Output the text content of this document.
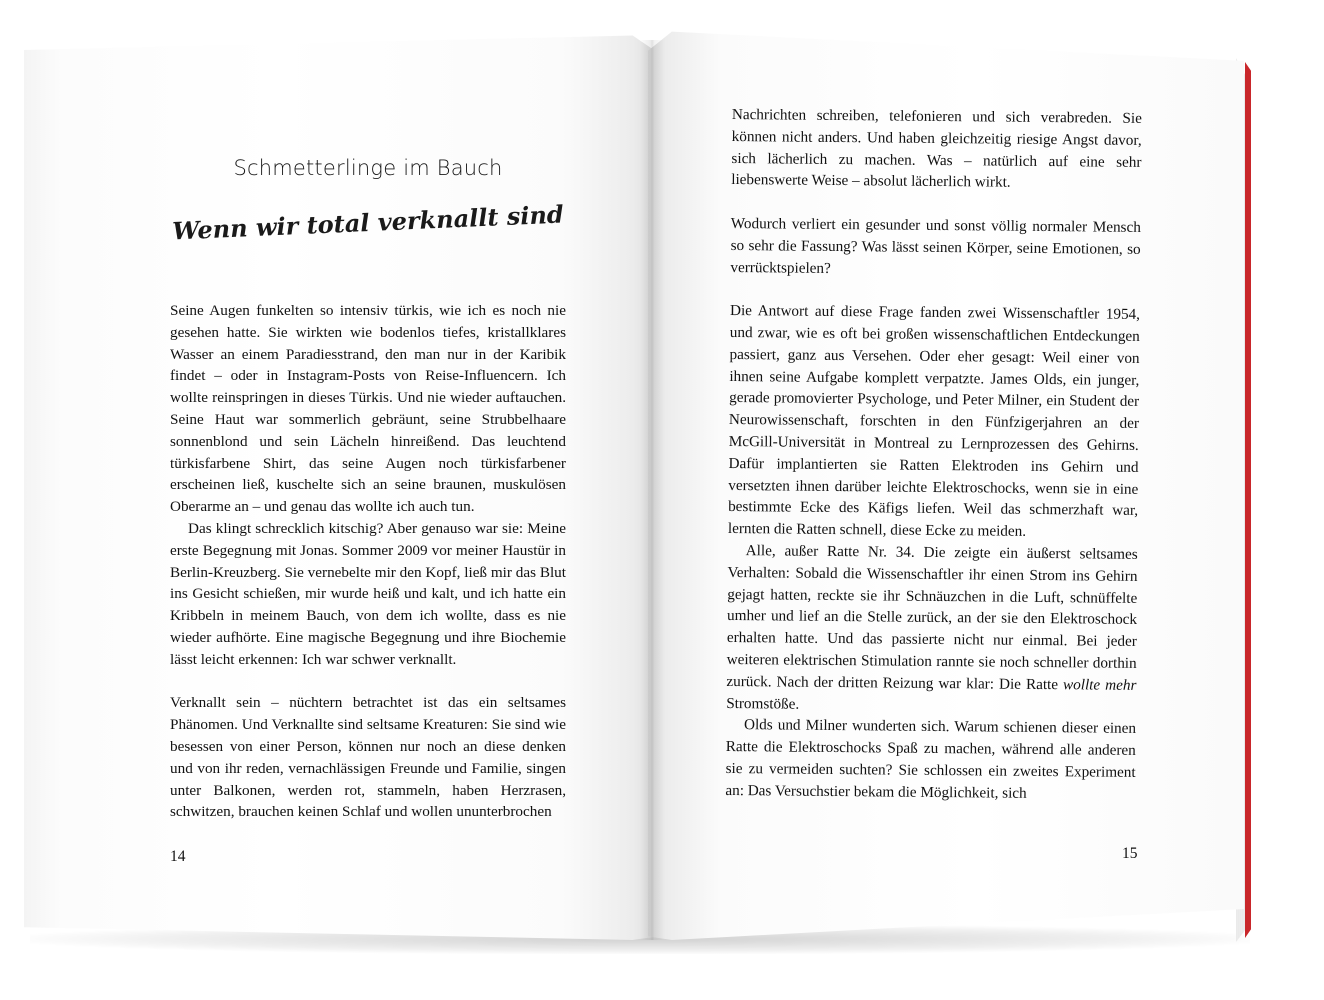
Schmetterlinge im Bauch
Wenn wir total verknallt sind

Seine Augen funkelten so intensiv türkis, wie ich es noch nie gesehen hatte. Sie wirkten wie bodenlos tiefes, kristallklares Wasser an einem Paradiesstrand, den man nur in der Karibik findet – oder in Instagram-Posts von Reise-Influencern. Ich wollte reinspringen in dieses Türkis. Und nie wieder auftauchen. Seine Haut war sommerlich gebräunt, seine Strubbelhaare sonnenblond und sein Lächeln hinreißend. Das leuchtend türkisfarbene Shirt, das seine Augen noch türkisfarbener erscheinen ließ, kuschelte sich an seine braunen, muskulösen Oberarme an – und genau das wollte ich auch tun.

Das klingt schrecklich kitschig? Aber genauso war sie: Meine erste Begegnung mit Jonas. Sommer 2009 vor meiner Haustür in Berlin-Kreuzberg. Sie vernebelte mir den Kopf, ließ mir das Blut ins Gesicht schießen, mir wurde heiß und kalt, und ich hatte ein Kribbeln in meinem Bauch, von dem ich wollte, dass es nie wieder aufhörte. Eine magische Begegnung und ihre Biochemie lässt leicht erkennen: Ich war schwer verknallt.

Verknallt sein – nüchtern betrachtet ist das ein seltsames Phänomen. Und Verknallte sind seltsame Kreaturen: Sie sind wie besessen von einer Person, können nur noch an diese denken und von ihr reden, vernachlässigen Freunde und Familie, singen unter Balkonen, werden rot, stammeln, haben Herzrasen, schwitzen, brauchen keinen Schlaf und wollen ununterbrochen

14

Nachrichten schreiben, telefonieren und sich verabreden. Sie können nicht anders. Und haben gleichzeitig riesige Angst davor, sich lächerlich zu machen. Was – natürlich auf eine sehr liebenswerte Weise – absolut lächerlich wirkt.

Wodurch verliert ein gesunder und sonst völlig normaler Mensch so sehr die Fassung? Was lässt seinen Körper, seine Emotionen, so verrücktspielen?

Die Antwort auf diese Frage fanden zwei Wissenschaftler 1954, und zwar, wie es oft bei großen wissenschaftlichen Entdeckungen passiert, ganz aus Versehen. Oder eher gesagt: Weil einer von ihnen seine Aufgabe komplett verpatzte. James Olds, ein junger, gerade promovierter Psychologe, und Peter Milner, ein Student der Neurowissenschaft, forschten in den Fünfzigerjahren an der McGill-Universität in Montreal zu Lernprozessen des Gehirns. Dafür implantierten sie Ratten Elektroden ins Gehirn und versetzten ihnen darüber leichte Elektroschocks, wenn sie in eine bestimmte Ecke des Käfigs liefen. Weil das schmerzhaft war, lernten die Ratten schnell, diese Ecke zu meiden.

Alle, außer Ratte Nr. 34. Die zeigte ein äußerst seltsames Verhalten: Sobald die Wissenschaftler ihr einen Strom ins Gehirn gejagt hatten, reckte sie ihr Schnäuzchen in die Luft, schnüffelte umher und lief an die Stelle zurück, an der sie den Elektroschock erhalten hatte. Und das passierte nicht nur einmal. Bei jeder weiteren elektrischen Stimulation rannte sie noch schneller dorthin zurück. Nach der dritten Reizung war klar: Die Ratte wollte mehr Stromstöße.

Olds und Milner wunderten sich. Warum schienen dieser einen Ratte die Elektroschocks Spaß zu machen, während alle anderen sie zu vermeiden suchten? Sie schlossen ein zweites Experiment an: Das Versuchstier bekam die Möglichkeit, sich

15
